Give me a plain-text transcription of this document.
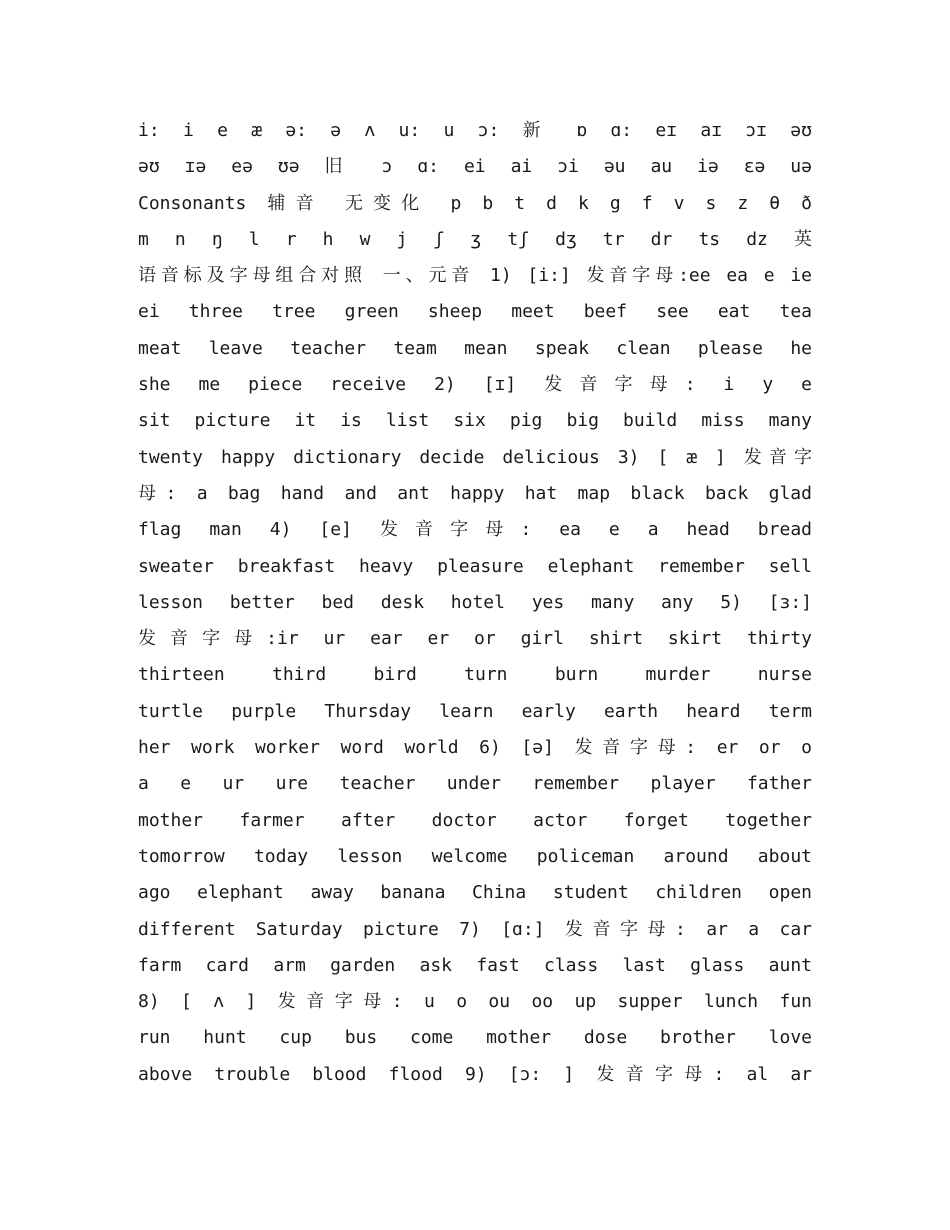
i: i e æ ə: ə ʌ u: u ɔ: 新 ɒ ɑ: eɪ aɪ ɔɪ əʊ
əʊ ɪə eə ʊə 旧 ɔ ɑ: ei ai ɔi əu au iə ɛə uə
Consonants 辅音 无变化 p b t d k g f v s z θ ð
m n ŋ l r h w j ʃ ʒ tʃ dʒ tr dr ts dz 英
语音标及字母组合对照 一、元音 1) [i:] 发音字母:ee ea e ie
ei three tree green sheep meet beef see eat tea
meat leave teacher team mean speak clean please he
she me piece receive 2) [ɪ] 发音字母: i y e
sit picture it is list six pig big build miss many
twenty happy dictionary decide delicious 3) [ æ ] 发音字
母: a bag hand and ant happy hat map black back glad
flag man 4) [e] 发音字母: ea e a head bread
sweater breakfast heavy pleasure elephant remember sell
lesson better bed desk hotel yes many any 5) [ɜ:]
发音字母:ir ur ear er or girl shirt skirt thirty
thirteen third bird turn burn murder nurse
turtle purple Thursday learn early earth heard term
her work worker word world 6) [ə] 发音字母: er or o
a e ur ure teacher under remember player father
mother farmer after doctor actor forget together
tomorrow today lesson welcome policeman around about
ago elephant away banana China student children open
different Saturday picture 7) [ɑ:] 发音字母: ar a car
farm card arm garden ask fast class last glass aunt
8) [ ʌ ] 发音字母: u o ou oo up supper lunch fun
run hunt cup bus come mother dose brother love
above trouble blood flood 9) [ɔ: ] 发音字母: al ar
